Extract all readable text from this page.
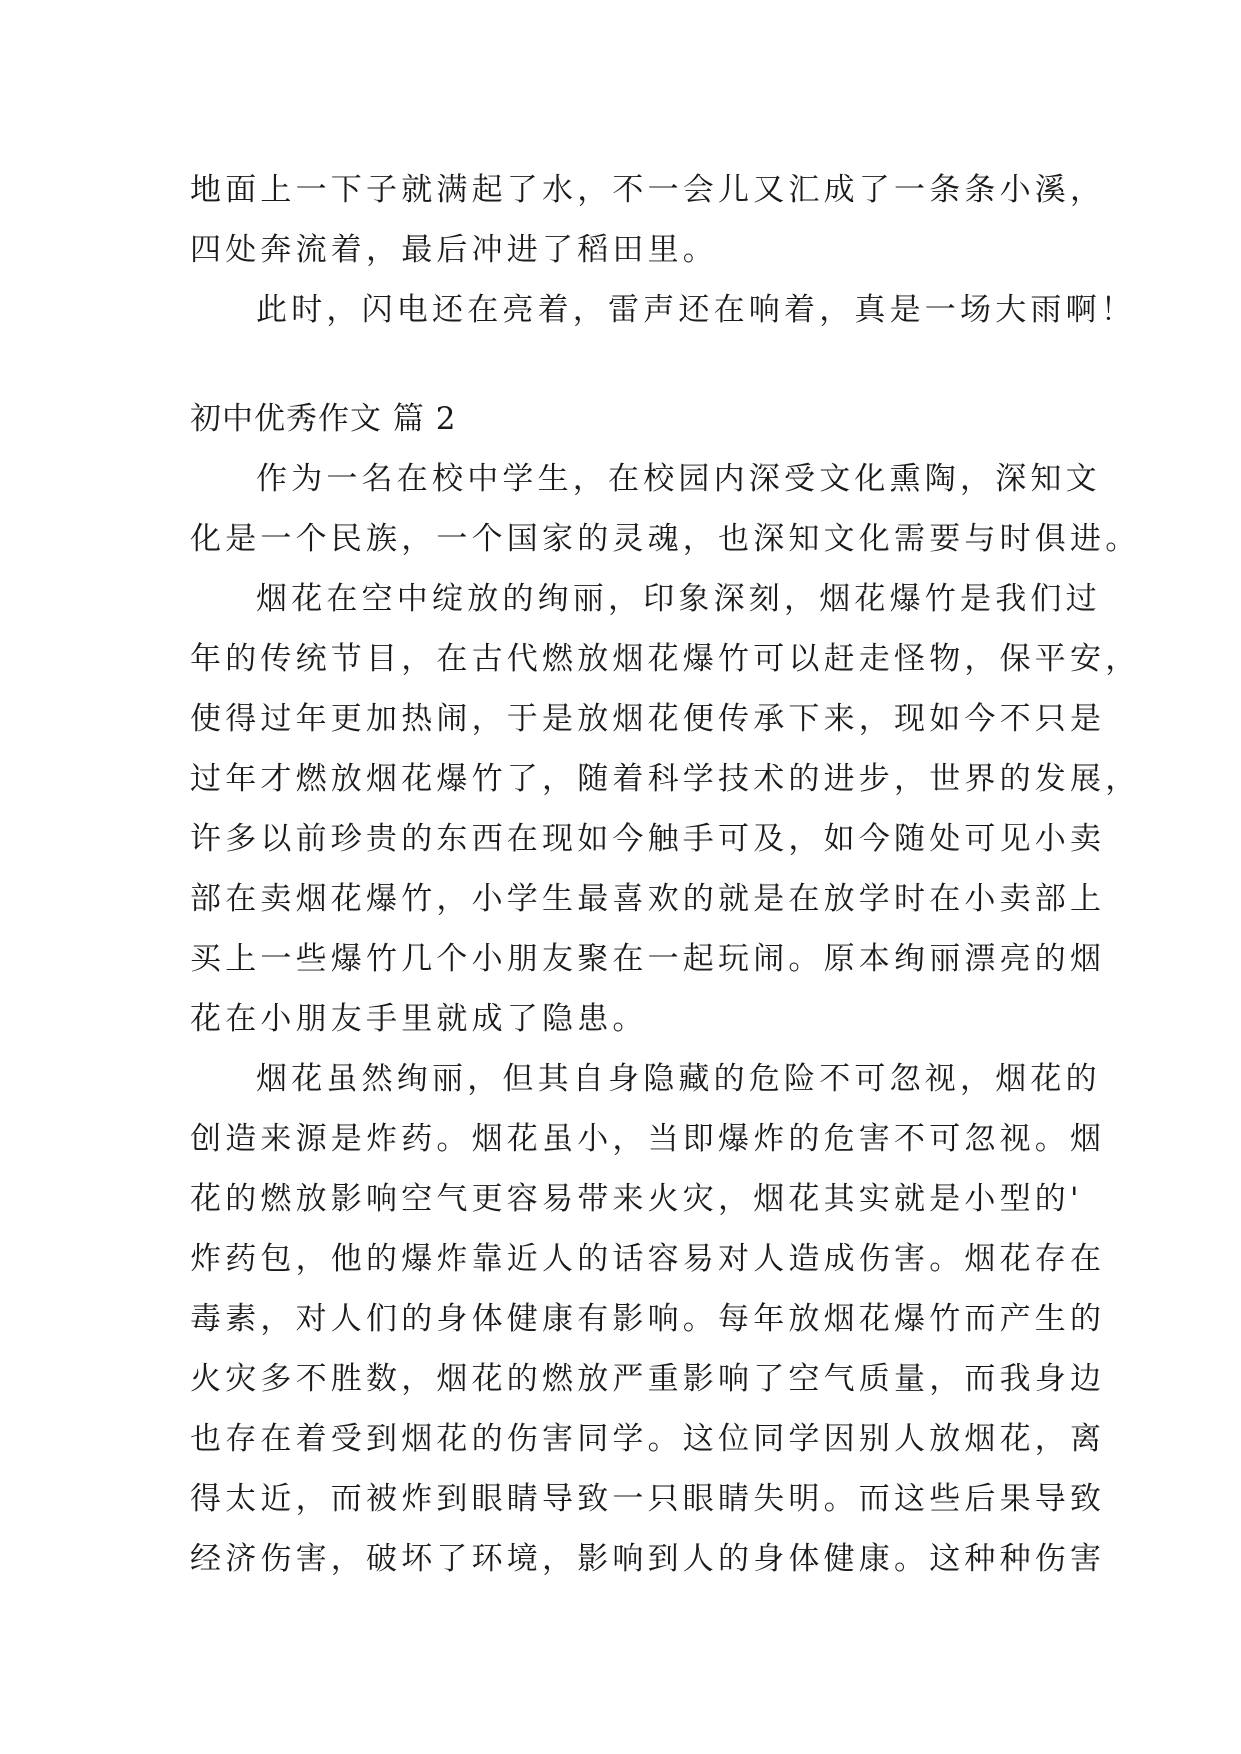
地面上一下子就满起了水，不一会儿又汇成了一条条小溪，
四处奔流着，最后冲进了稻田里。
此时，闪电还在亮着，雷声还在响着，真是一场大雨啊！
初中优秀作文 篇 2
作为一名在校中学生，在校园内深受文化熏陶，深知文
化是一个民族，一个国家的灵魂，也深知文化需要与时俱进。
烟花在空中绽放的绚丽，印象深刻，烟花爆竹是我们过
年的传统节目，在古代燃放烟花爆竹可以赶走怪物，保平安，
使得过年更加热闹，于是放烟花便传承下来，现如今不只是
过年才燃放烟花爆竹了，随着科学技术的进步，世界的发展，
许多以前珍贵的东西在现如今触手可及，如今随处可见小卖
部在卖烟花爆竹，小学生最喜欢的就是在放学时在小卖部上
买上一些爆竹几个小朋友聚在一起玩闹。原本绚丽漂亮的烟
花在小朋友手里就成了隐患。
烟花虽然绚丽，但其自身隐藏的危险不可忽视，烟花的
创造来源是炸药。烟花虽小，当即爆炸的危害不可忽视。烟
花的燃放影响空气更容易带来火灾，烟花其实就是小型的'
炸药包，他的爆炸靠近人的话容易对人造成伤害。烟花存在
毒素，对人们的身体健康有影响。每年放烟花爆竹而产生的
火灾多不胜数，烟花的燃放严重影响了空气质量，而我身边
也存在着受到烟花的伤害同学。这位同学因别人放烟花，离
得太近，而被炸到眼睛导致一只眼睛失明。而这些后果导致
经济伤害，破坏了环境，影响到人的身体健康。这种种伤害
